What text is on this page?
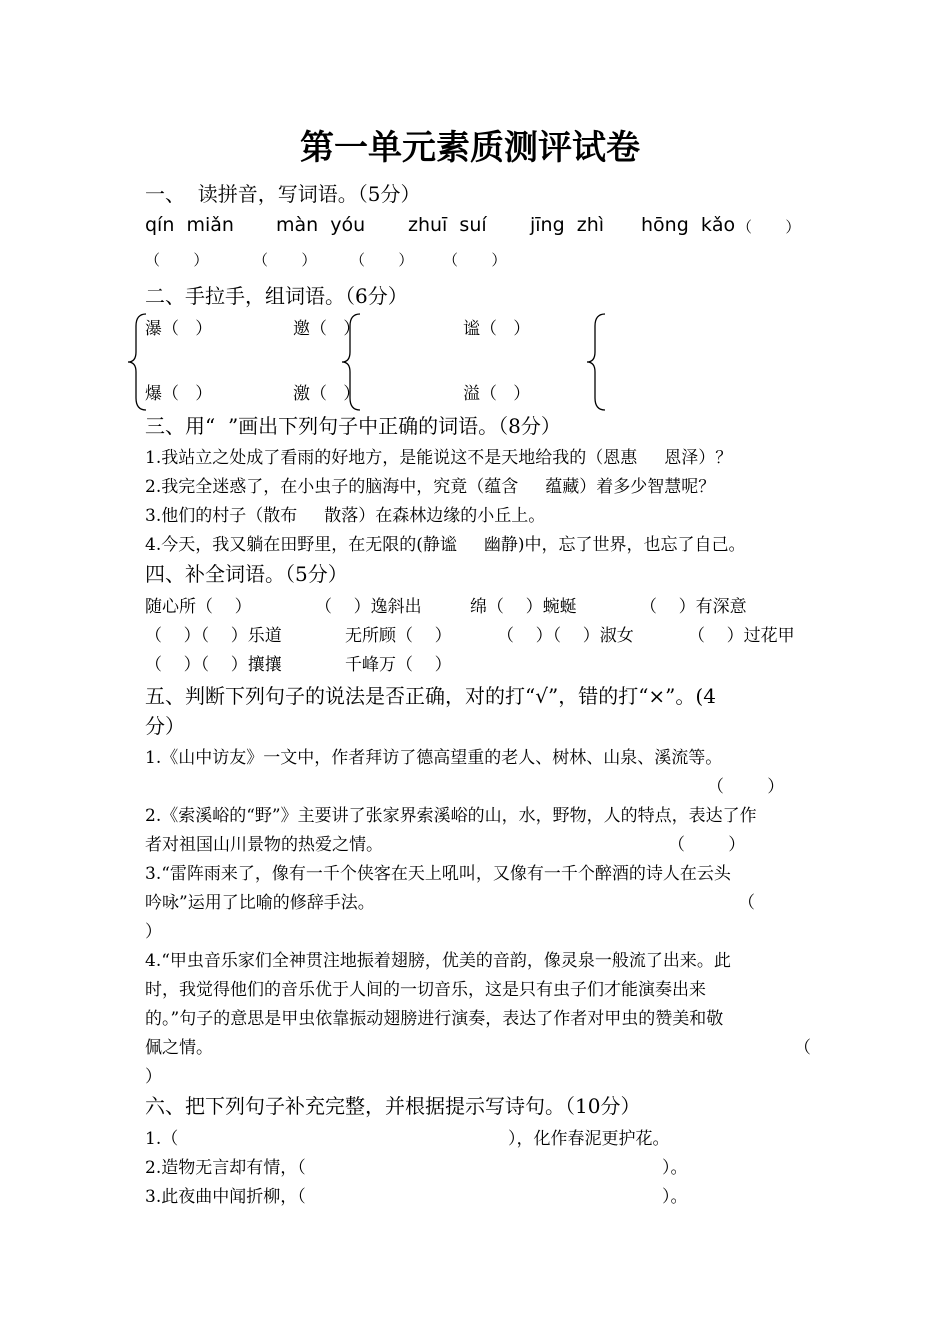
第一单元素质测评试卷
一、  读拼音，写词语。（5分）
qín  miǎn màn  yóu zhuī  suí jīng  zhì hōng  kǎo （       ）
（       ）	（       ） （       ） （       ）
二、手拉手，组词语。（6分）
瀑（   ）	邀（   ）	谧（   ）
爆（   ）	激（   ）	溢（   ）
三、用“  ”画出下列句子中正确的词语。（8分）
1.我站立之处成了看雨的好地方，是能说这不是天地给我的（恩惠     恩泽）？
2.我完全迷惑了，在小虫子的脑海中，究竟（蕴含     蕴藏）着多少智慧呢？
3.他们的村子（散布     散落）在森林边缘的小丘上。
4.今天，我又躺在田野里，在无限的(静谧     幽静)中，忘了世界，也忘了自己。
四、补全词语。（5分）
随心所（    ）	（    ）逸斜出	绵（    ）蜿蜒	（    ）有深意
（    ）（    ）乐道	无所顾（    ）	（    ）（    ）淑女	（    ）过花甲
（    ）（    ）攘攘	千峰万（    ）
五、判断下列句子的说法是否正确，对的打“√”，错的打“×”。(4
分）
1.《山中访友》一文中，作者拜访了德高望重的老人、树林、山泉、溪流等。
（        ）
2.《索溪峪的“野”》主要讲了张家界索溪峪的山，水，野物，人的特点，表达了作
者对祖国山川景物的热爱之情。	（        ）
3.“雷阵雨来了，像有一千个侠客在天上吼叫，又像有一千个醉酒的诗人在云头
吟咏”运用了比喻的修辞手法。	（
）
4.“甲虫音乐家们全神贯注地振着翅膀，优美的音韵，像灵泉一般流了出来。此
时，我觉得他们的音乐优于人间的一切音乐，这是只有虫子们才能演奏出来
的。”句子的意思是甲虫依靠振动翅膀进行演奏，表达了作者对甲虫的赞美和敬
佩之情。	（
）
六、把下列句子补充完整，并根据提示写诗句。（10分）
1.（	），化作春泥更护花。
2.造物无言却有情，（	）。
3.此夜曲中闻折柳，（	）。
